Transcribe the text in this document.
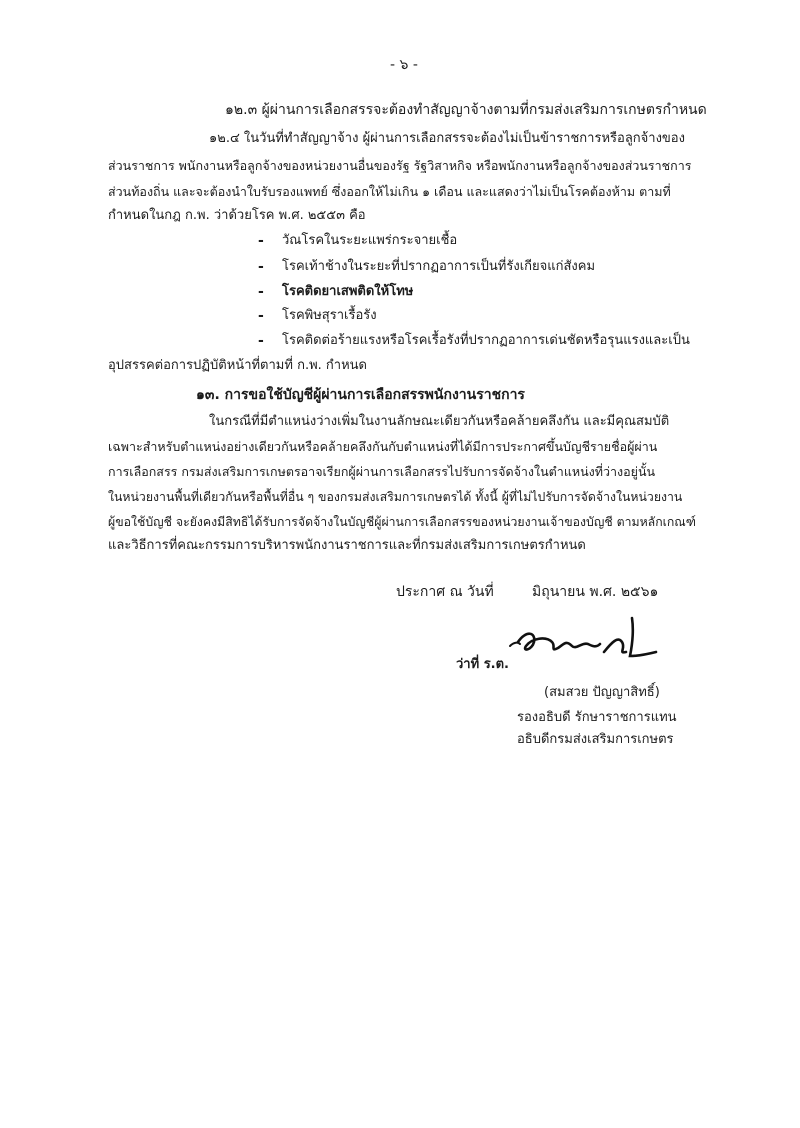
- ๖ -
๑๒.๓ ผู้ผ่านการเลือกสรรจะต้องทำสัญญาจ้างตามที่กรมส่งเสริมการเกษตรกำหนด
๑๒.๔ ในวันที่ทำสัญญาจ้าง ผู้ผ่านการเลือกสรรจะต้องไม่เป็นข้าราชการหรือลูกจ้างของ
ส่วนราชการ พนักงานหรือลูกจ้างของหน่วยงานอื่นของรัฐ รัฐวิสาหกิจ หรือพนักงานหรือลูกจ้างของส่วนราชการ
ส่วนท้องถิ่น และจะต้องนำใบรับรองแพทย์ ซึ่งออกให้ไม่เกิน ๑ เดือน และแสดงว่าไม่เป็นโรคต้องห้าม ตามที่
กำหนดในกฎ ก.พ. ว่าด้วยโรค พ.ศ. ๒๕๕๓ คือ
- วัณโรคในระยะแพร่กระจายเชื้อ
- โรคเท้าช้างในระยะที่ปรากฏอาการเป็นที่รังเกียจแก่สังคม
- โรคติดยาเสพติดให้โทษ
- โรคพิษสุราเรื้อรัง
- โรคติดต่อร้ายแรงหรือโรคเรื้อรังที่ปรากฏอาการเด่นชัดหรือรุนแรงและเป็น
อุปสรรคต่อการปฏิบัติหน้าที่ตามที่ ก.พ. กำหนด
๑๓. การขอใช้บัญชีผู้ผ่านการเลือกสรรพนักงานราชการ
ในกรณีที่มีตำแหน่งว่างเพิ่มในงานลักษณะเดียวกันหรือคล้ายคลึงกัน และมีคุณสมบัติ
เฉพาะสำหรับตำแหน่งอย่างเดียวกันหรือคล้ายคลึงกันกับตำแหน่งที่ได้มีการประกาศขึ้นบัญชีรายชื่อผู้ผ่าน
การเลือกสรร กรมส่งเสริมการเกษตรอาจเรียกผู้ผ่านการเลือกสรรไปรับการจัดจ้างในตำแหน่งที่ว่างอยู่นั้น
ในหน่วยงานพื้นที่เดียวกันหรือพื้นที่อื่น ๆ ของกรมส่งเสริมการเกษตรได้ ทั้งนี้ ผู้ที่ไม่ไปรับการจัดจ้างในหน่วยงาน
ผู้ขอใช้บัญชี จะยังคงมีสิทธิได้รับการจัดจ้างในบัญชีผู้ผ่านการเลือกสรรของหน่วยงานเจ้าของบัญชี ตามหลักเกณฑ์
และวิธีการที่คณะกรรมการบริหารพนักงานราชการและที่กรมส่งเสริมการเกษตรกำหนด
ประกาศ ณ วันที่	มิถุนายน พ.ศ. ๒๕๖๑
ว่าที่ ร.ต.
(สมสวย ปัญญาสิทธิ์)
รองอธิบดี รักษาราชการแทน
อธิบดีกรมส่งเสริมการเกษตร
